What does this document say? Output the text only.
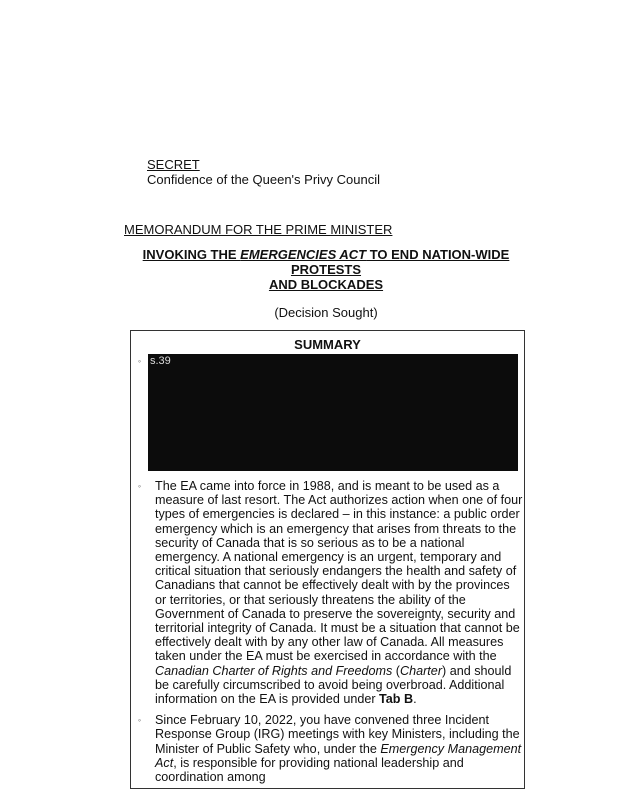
SECRET
Confidence of the Queen's Privy Council
MEMORANDUM FOR THE PRIME MINISTER
INVOKING THE EMERGENCIES ACT TO END NATION-WIDE PROTESTS
AND BLOCKADES
(Decision Sought)
SUMMARY
◦ s.39
◦	The EA came into force in 1988, and is meant to be used as a measure of last resort. The Act authorizes action when one of four types of emergencies is declared – in this instance: a public order emergency which is an emergency that arises from threats to the security of Canada that is so serious as to be a national emergency. A national emergency is an urgent, temporary and critical situation that seriously endangers the health and safety of Canadians that cannot be effectively dealt with by the provinces or territories, or that seriously threatens the ability of the Government of Canada to preserve the sovereignty, security and territorial integrity of Canada. It must be a situation that cannot be effectively dealt with by any other law of Canada. All measures taken under the EA must be exercised in accordance with the Canadian Charter of Rights and Freedoms (Charter) and should be carefully circumscribed to avoid being overbroad. Additional information on the EA is provided under Tab B.
◦	Since February 10, 2022, you have convened three Incident Response Group (IRG) meetings with key Ministers, including the Minister of Public Safety who, under the Emergency Management Act, is responsible for providing national leadership and coordination among
